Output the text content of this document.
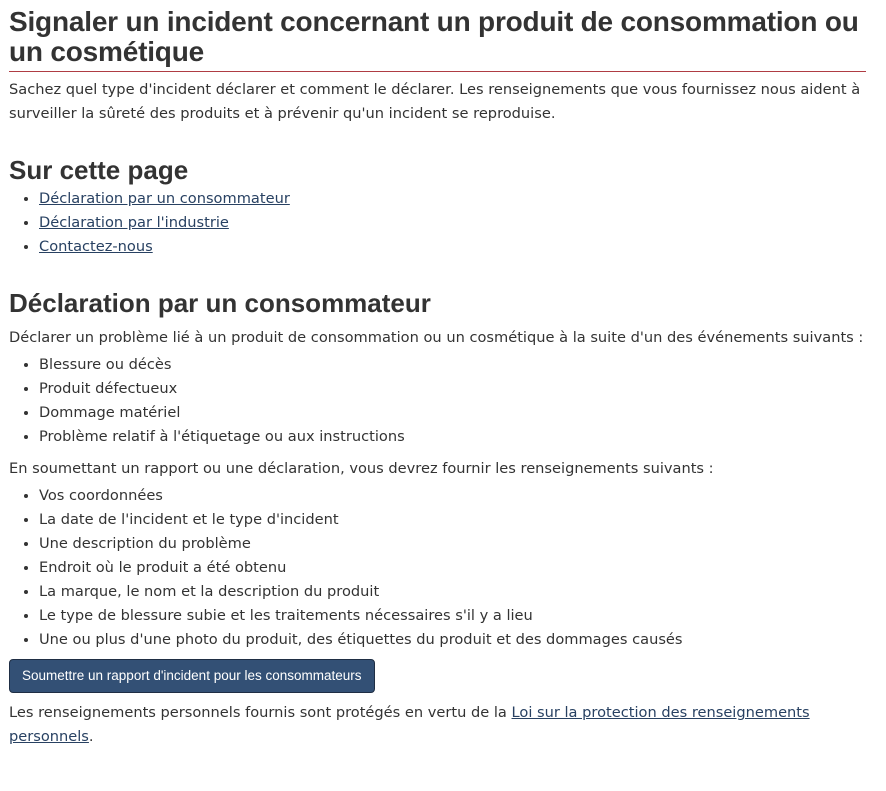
Signaler un incident concernant un produit de consommation ou un cosmétique

Sachez quel type d'incident déclarer et comment le déclarer. Les renseignements que vous fournissez nous aident à surveiller la sûreté des produits et à prévenir qu'un incident se reproduise.

Sur cette page
• Déclaration par un consommateur
• Déclaration par l'industrie
• Contactez-nous
Déclaration par un consommateur

Déclarer un problème lié à un produit de consommation ou un cosmétique à la suite d'un des événements suivants :

• Blessure ou décès
• Produit défectueux
• Dommage matériel
• Problème relatif à l'étiquetage ou aux instructions

En soumettant un rapport ou une déclaration, vous devrez fournir les renseignements suivants :

• Vos coordonnées
• La date de l'incident et le type d'incident
• Une description du problème
• Endroit où le produit a été obtenu
• La marque, le nom et la description du produit
• Le type de blessure subie et les traitements nécessaires s'il y a lieu
• Une ou plus d'une photo du produit, des étiquettes du produit et des dommages causés
Soumettre un rapport d'incident pour les consommateurs

Les renseignements personnels fournis sont protégés en vertu de la Loi sur la protection des renseignements personnels.
